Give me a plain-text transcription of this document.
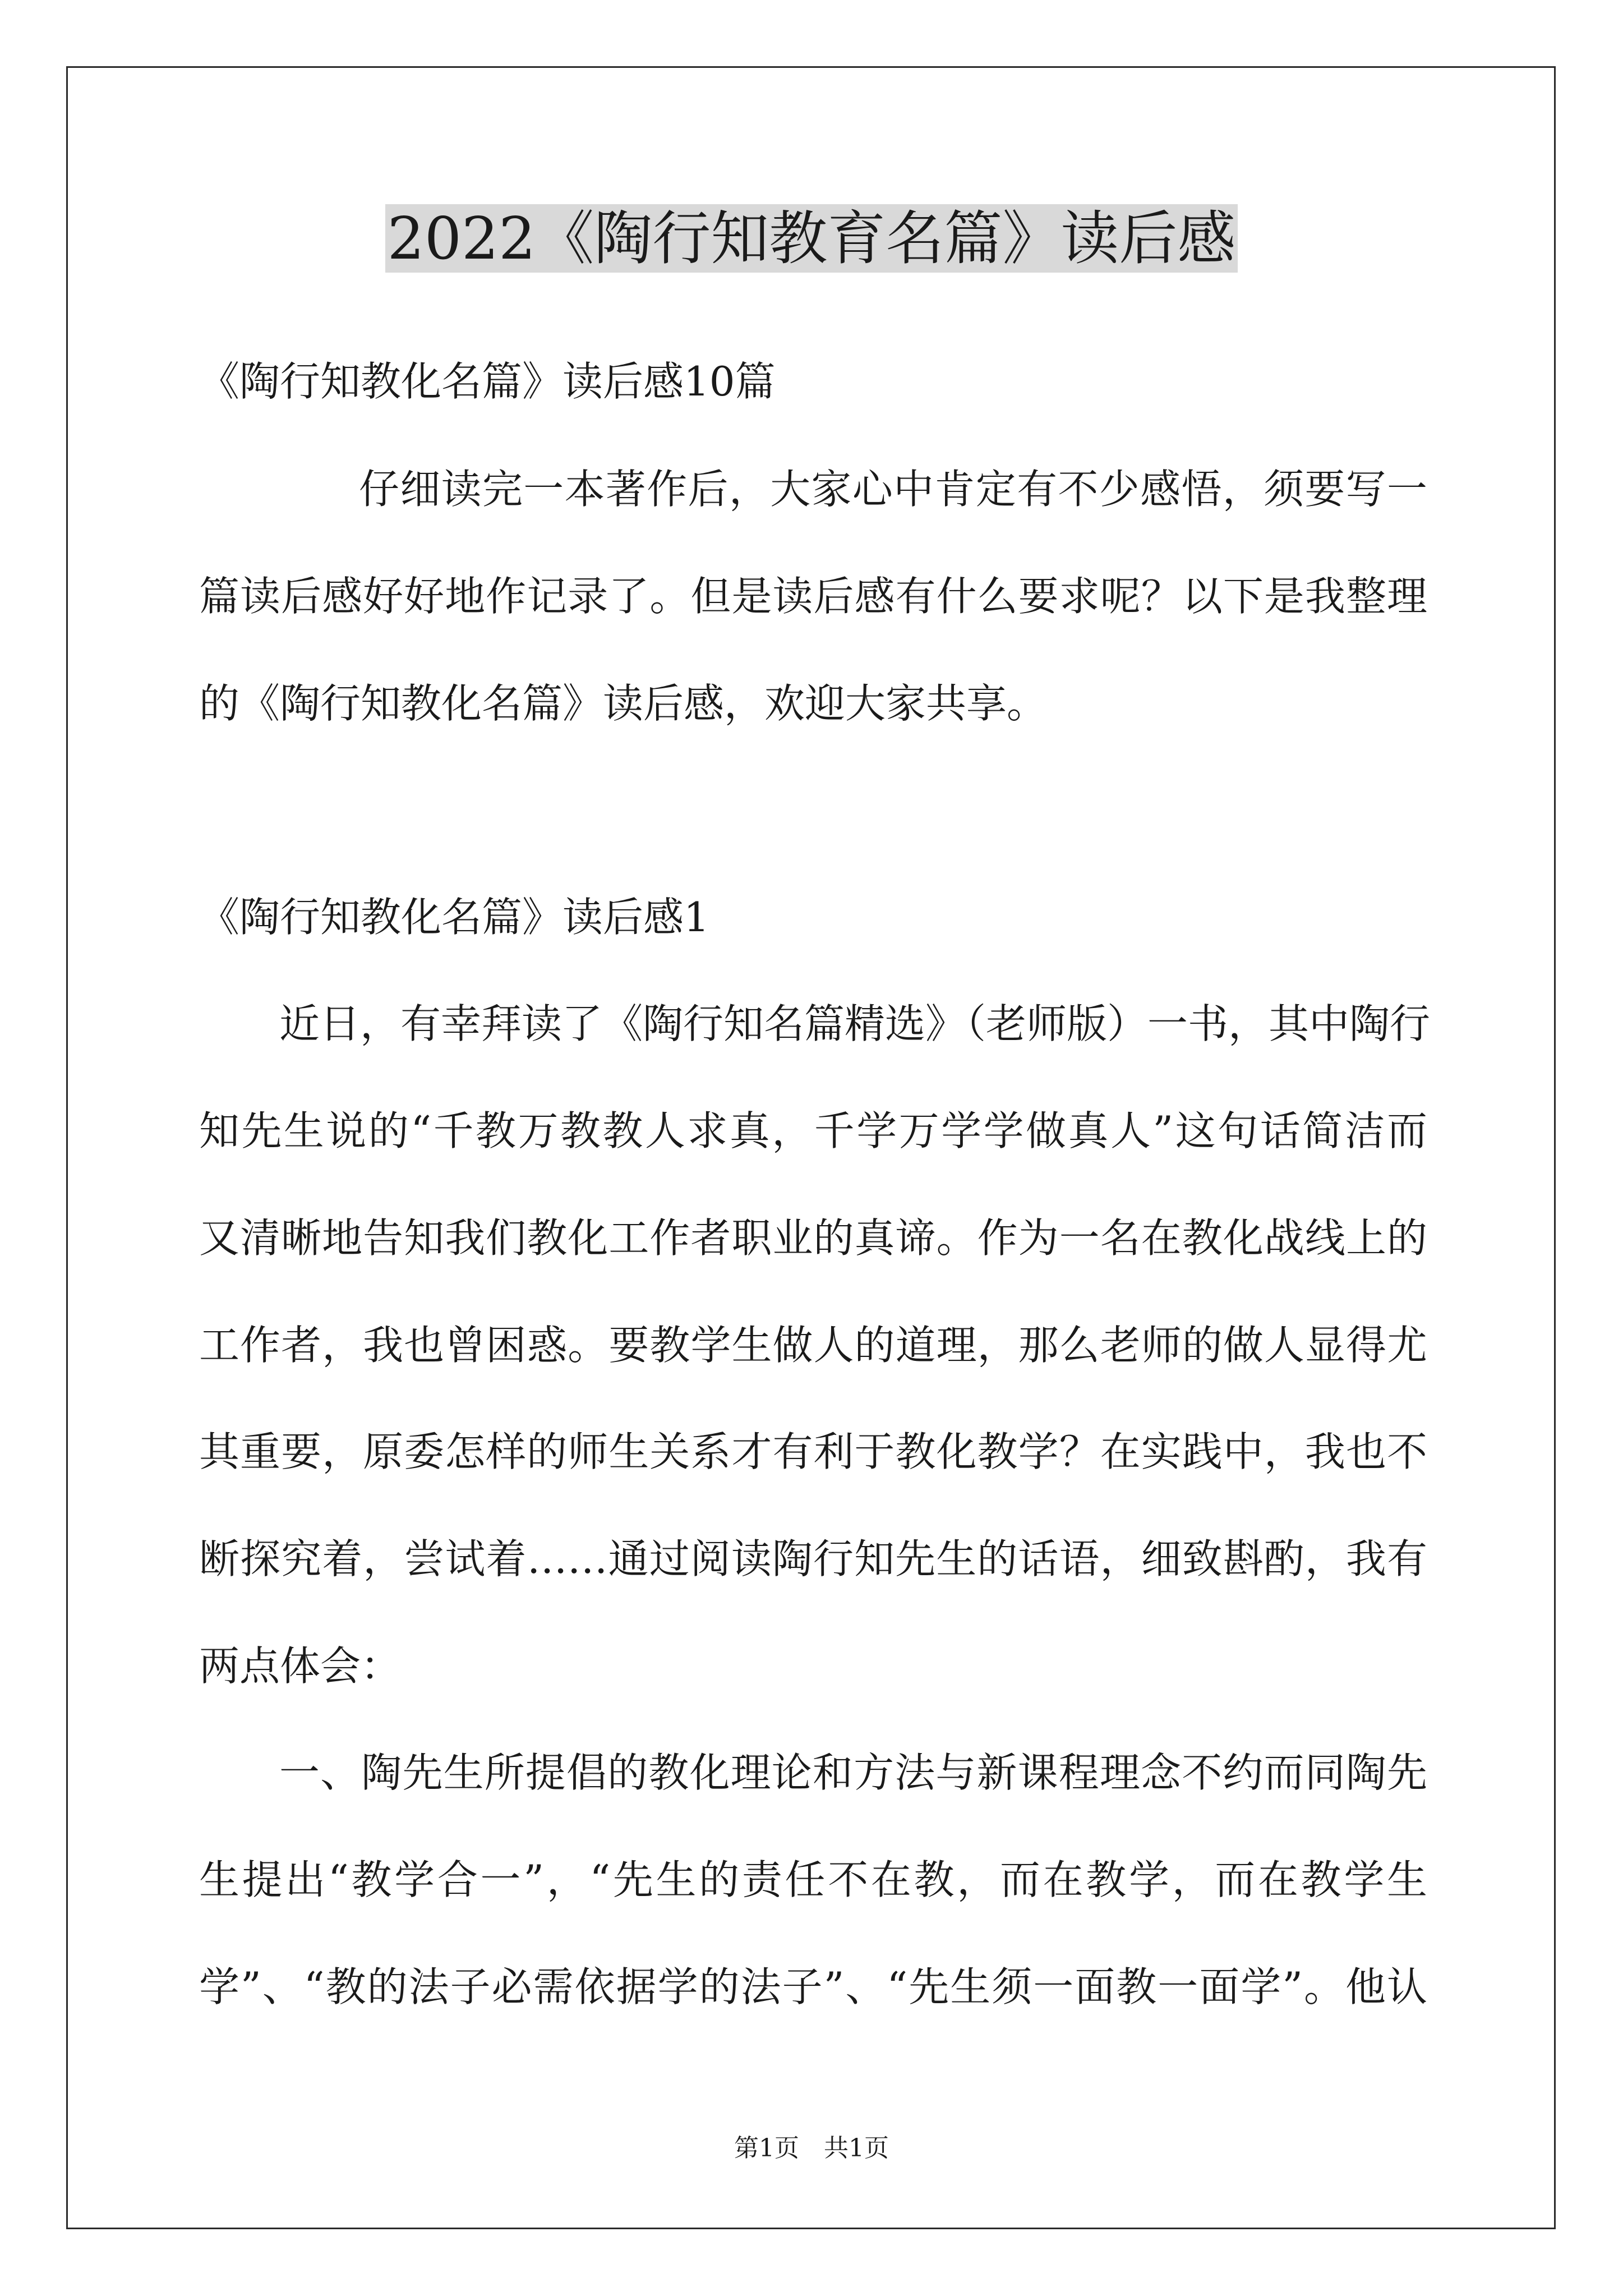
2022《陶行知教育名篇》读后感
《陶行知教化名篇》读后感10篇
仔细读完一本著作后，大家心中肯定有不少感悟，须要写一
篇读后感好好地作记录了。但是读后感有什么要求呢？以下是我整理
的《陶行知教化名篇》读后感，欢迎大家共享。
《陶行知教化名篇》读后感1
近日，有幸拜读了《陶行知名篇精选》（老师版）一书，其中陶行
知先生说的“千教万教教人求真，千学万学学做真人”这句话简洁而
又清晰地告知我们教化工作者职业的真谛。作为一名在教化战线上的
工作者，我也曾困惑。要教学生做人的道理，那么老师的做人显得尤
其重要，原委怎样的师生关系才有利于教化教学？在实践中，我也不
断探究着，尝试着……通过阅读陶行知先生的话语，细致斟酌，我有
两点体会：
一、陶先生所提倡的教化理论和方法与新课程理念不约而同陶先
生提出“教学合一”，“先生的责任不在教，而在教学，而在教学生
学”、“教的法子必需依据学的法子”、“先生须一面教一面学”。他认
第1页　共1页
